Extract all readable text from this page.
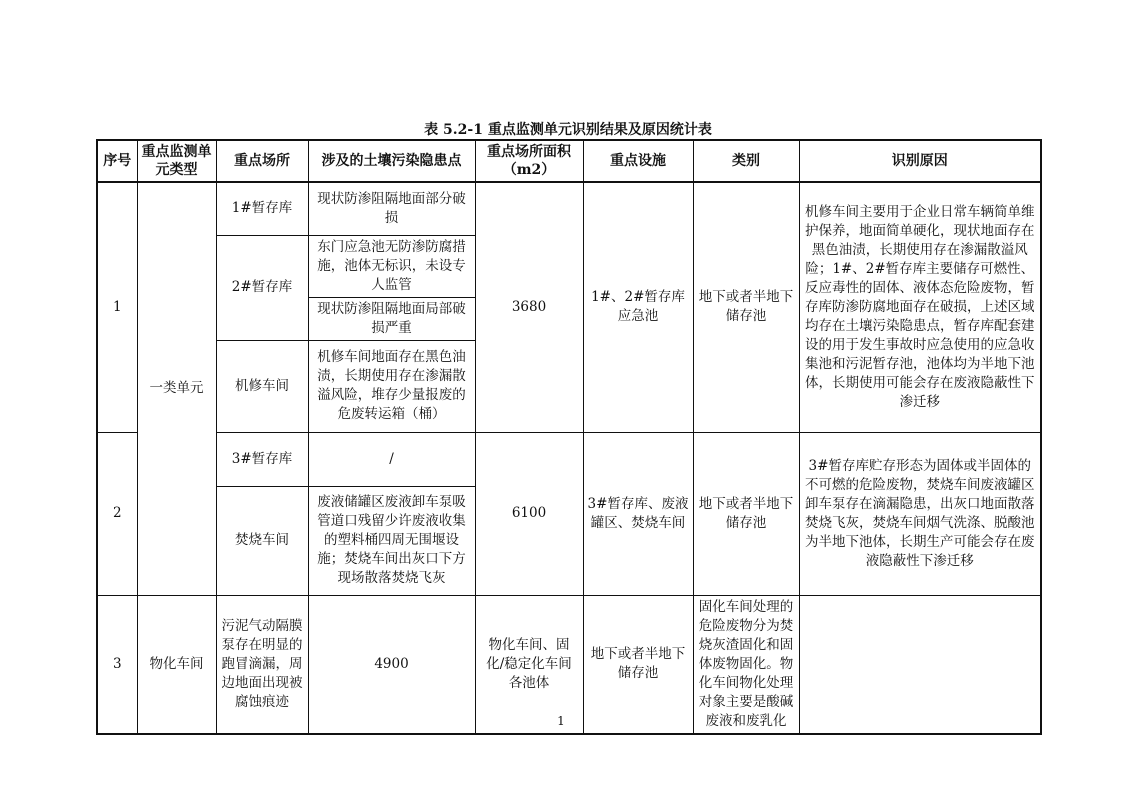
表 5.2-1 重点监测单元识别结果及原因统计表
序号	重点监测单元类型	重点场所	涉及的土壤污染隐患点	重点场所面积（m2）	重点设施	类别	识别原因
1	一类单元	1#暂存库	现状防渗阻隔地面部分破损	3680	1#、2#暂存库应急池	地下或者半地下储存池	机修车间主要用于企业日常车辆简单维护保养，地面简单硬化，现状地面存在黑色油渍，长期使用存在渗漏散溢风险；1#、2#暂存库主要储存可燃性、反应毒性的固体、液体态危险废物，暂存库防渗防腐地面存在破损，上述区域均存在土壤污染隐患点，暂存库配套建设的用于发生事故时应急使用的应急收集池和污泥暂存池，池体均为半地下池体，长期使用可能会存在废液隐蔽性下渗迁移
		2#暂存库	东门应急池无防渗防腐措施，池体无标识，未设专人监管				
			现状防渗阻隔地面局部破损严重				
		机修车间	机修车间地面存在黑色油渍，长期使用存在渗漏散溢风险，堆存少量报废的危废转运箱（桶）				
2		3#暂存库	/	6100	3#暂存库、废液罐区、焚烧车间	地下或者半地下储存池	3#暂存库贮存形态为固体或半固体的不可燃的危险废物，焚烧车间废液罐区卸车泵存在滴漏隐患，出灰口地面散落焚烧飞灰，焚烧车间烟气洗涤、脱酸池为半地下池体，长期生产可能会存在废液隐蔽性下渗迁移
		焚烧车间	废液储罐区废液卸车泵吸管道口残留少许废液收集的塑料桶四周无围堰设施；焚烧车间出灰口下方现场散落焚烧飞灰				
3	物化车间	污泥气动隔膜泵存在明显的跑冒滴漏，周边地面出现被腐蚀痕迹	4900	物化车间、固化/稳定化车间各池体	地下或者半地下储存池	固化车间处理的危险废物分为焚烧灰渣固化和固体废物固化。物化车间物化处理对象主要是酸碱废液和废乳化	
1
